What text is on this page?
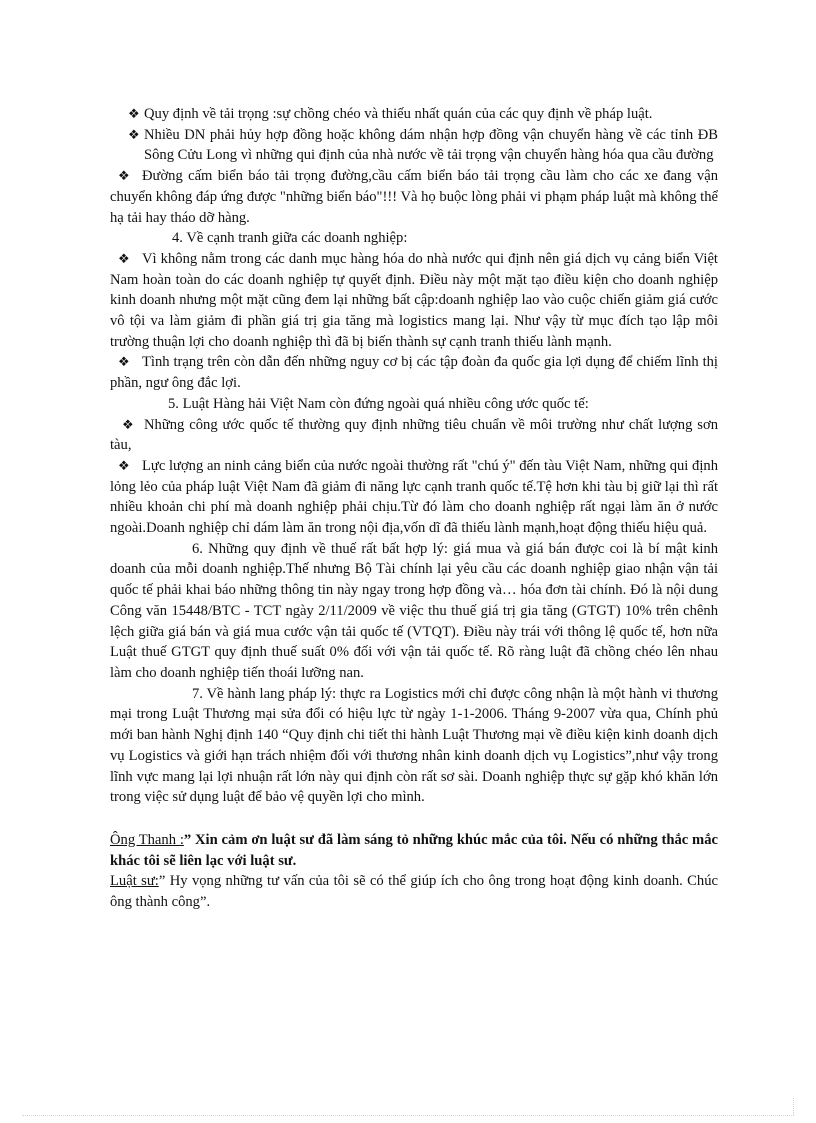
❖ Quy định về tải trọng :sự chồng chéo và thiếu nhất quán của các quy định về pháp luật.

❖ Nhiều DN phải hủy hợp đồng hoặc không dám nhận hợp đồng vận chuyển hàng về các tỉnh ĐB Sông Cửu Long vì những qui định của nhà nước về tải trọng vận chuyển hàng hóa qua cầu đường

❖ Đường cấm biển báo tải trọng đường,cầu cấm biển báo tải trọng cầu làm cho các xe đang vận chuyển không đáp ứng được "những biển báo"!!! Và họ buộc lòng phải vi phạm pháp luật mà không thể hạ tải hay tháo dỡ hàng.

4. Về cạnh tranh giữa các doanh nghiệp:

❖ Vì không nằm trong các danh mục hàng hóa do nhà nước qui định nên giá dịch vụ cảng biển Việt Nam hoàn toàn do các doanh nghiệp tự quyết định. Điều này một mặt tạo điều kiện cho doanh nghiệp kinh doanh nhưng một mặt cũng đem lại những bất cập:doanh nghiệp lao vào cuộc chiến giảm giá cước vô tội va làm giảm đi phần giá trị gia tăng mà logistics mang lại. Như vậy từ mục đích tạo lập môi trường thuận lợi cho doanh nghiệp thì đã bị biến thành sự cạnh tranh thiếu lành mạnh.

❖ Tình trạng trên còn dẫn đến những nguy cơ bị các tập đoàn đa quốc gia lợi dụng để chiếm lĩnh thị phần, ngư ông đắc lợi.

5. Luật Hàng hải Việt Nam còn đứng ngoài quá nhiều công ước quốc tế:

❖ Những công ước quốc tế thường quy định những tiêu chuẩn về môi trường như chất lượng sơn tàu,

❖ Lực lượng an ninh cảng biển của nước ngoài thường rất "chú ý" đến tàu Việt Nam, những qui định lỏng lẻo của pháp luật Việt Nam đã giảm đi năng lực cạnh tranh quốc tế.Tệ hơn khi tàu bị giữ lại thì rất nhiều khoản chi phí mà doanh nghiệp phải chịu.Từ đó làm cho doanh nghiệp rất ngại làm ăn ở nước ngoài.Doanh nghiệp chỉ dám làm ăn trong nội địa,vốn dĩ đã thiếu lành mạnh,hoạt động thiếu hiệu quả.

6. Những quy định về thuế rất bất hợp lý: giá mua và giá bán được coi là bí mật kinh doanh của mỗi doanh nghiệp.Thế nhưng Bộ Tài chính lại yêu cầu các doanh nghiệp giao nhận vận tải quốc tế phải khai báo những thông tin này ngay trong hợp đồng và… hóa đơn tài chính. Đó là nội dung Công văn 15448/BTC - TCT ngày 2/11/2009 về việc thu thuế giá trị gia tăng (GTGT) 10% trên chênh lệch giữa giá bán và giá mua cước vận tải quốc tế (VTQT). Điều này trái với thông lệ quốc tế, hơn nữa Luật thuế GTGT quy định thuế suất 0% đối với vận tải quốc tế. Rõ ràng luật đã chồng chéo lên nhau làm cho doanh nghiệp tiến thoái lưỡng nan.

7. Về hành lang pháp lý: thực ra Logistics mới chỉ được công nhận là một hành vi thương mại trong Luật Thương mại sửa đổi có hiệu lực từ ngày 1-1-2006. Tháng 9-2007 vừa qua, Chính phủ mới ban hành Nghị định 140 “Quy định chi tiết thi hành Luật Thương mại về điều kiện kinh doanh dịch vụ Logistics và giới hạn trách nhiệm đối với thương nhân kinh doanh dịch vụ Logistics”,như vậy trong lĩnh vực mang lại lợi nhuận rất lớn này qui định còn rất sơ sài. Doanh nghiệp thực sự gặp khó khăn lớn trong việc sử dụng luật để bảo vệ quyền lợi cho mình.

Ông Thanh :” Xin cảm ơn luật sư đã làm sáng tỏ những khúc mắc của tôi. Nếu có những thắc mắc khác tôi sẽ liên lạc với luật sư.

Luật sư:” Hy vọng những tư vấn của tôi sẽ có thể giúp ích cho ông trong hoạt động kinh doanh. Chúc ông thành công”.
